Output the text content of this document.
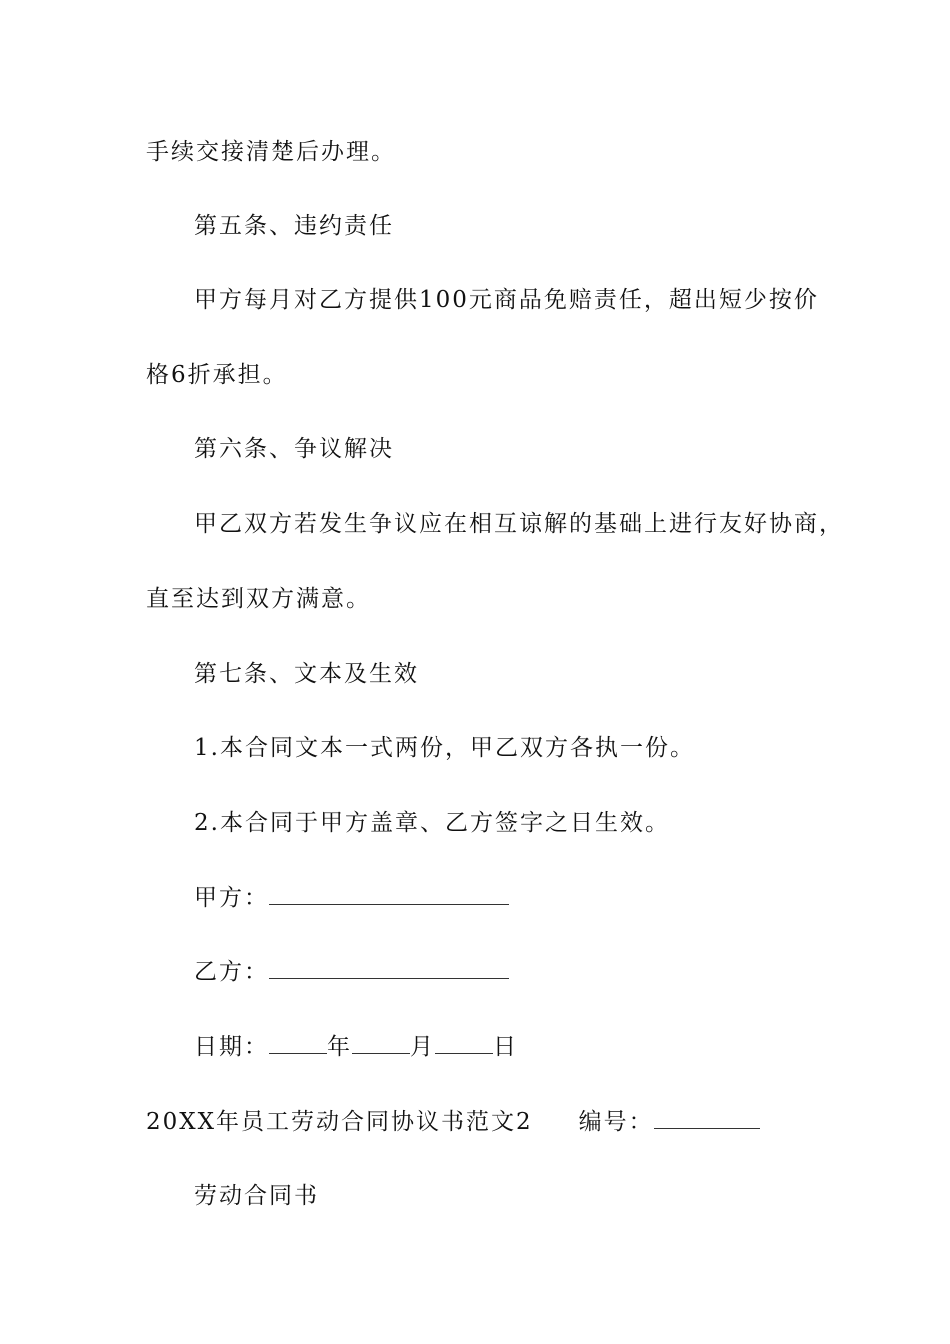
手续交接清楚后办理。
第五条、违约责任
甲方每月对乙方提供100元商品免赔责任，超出短少按价
格6折承担。
第六条、争议解决
甲乙双方若发生争议应在相互谅解的基础上进行友好协商，
直至达到双方满意。
第七条、文本及生效
1.本合同文本一式两份，甲乙双方各执一份。
2.本合同于甲方盖章、乙方签字之日生效。
甲方：
乙方：
日期：	年	月	日
20XX年员工劳动合同协议书范文2 编号：
劳动合同书
